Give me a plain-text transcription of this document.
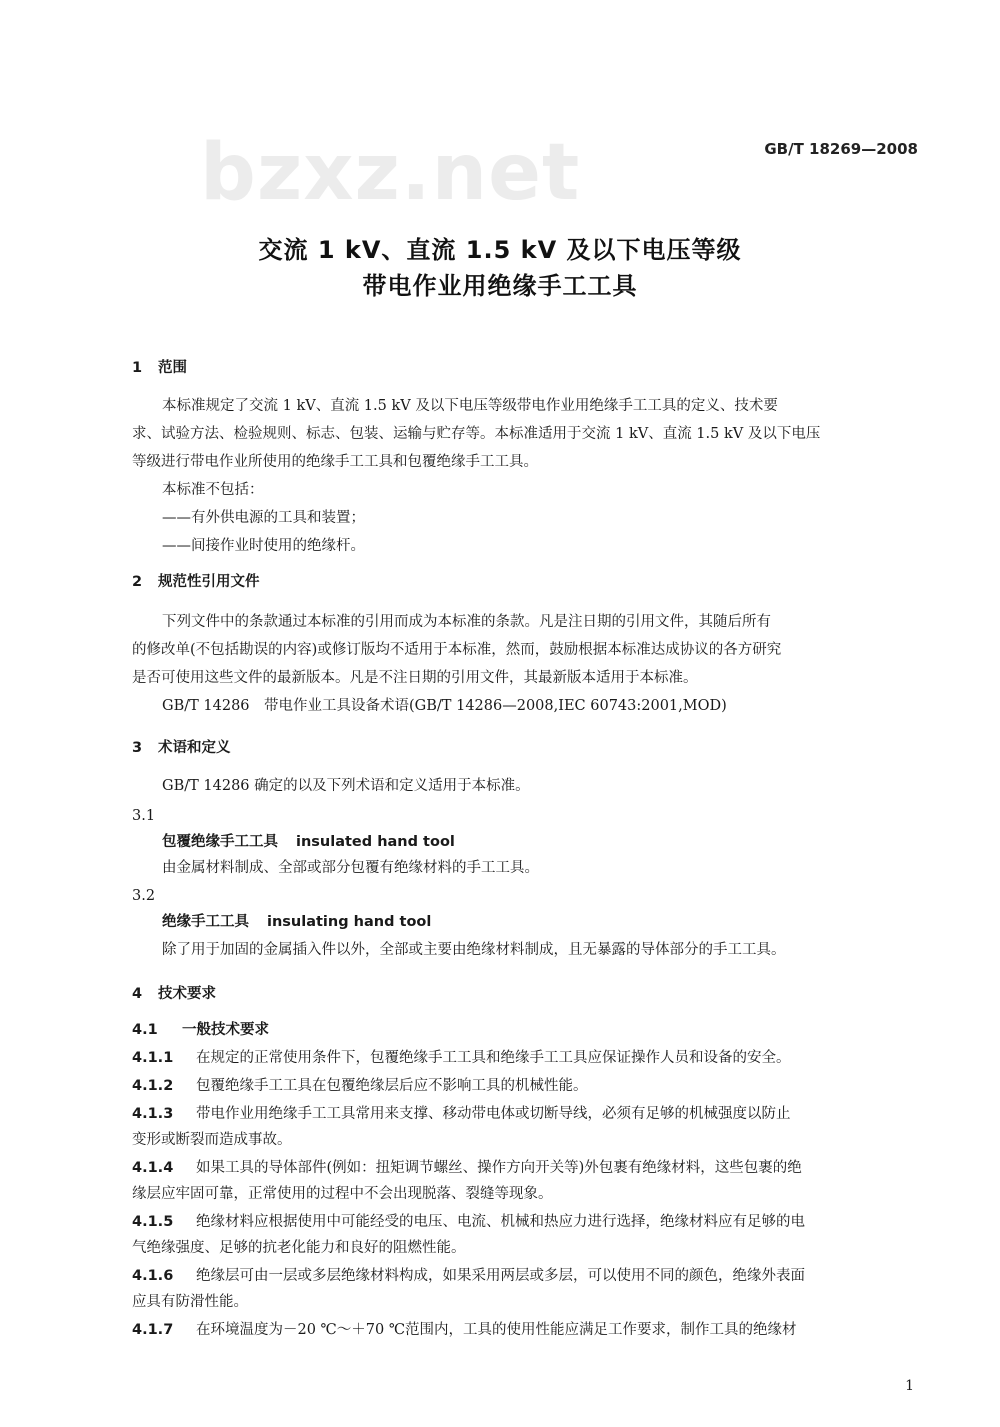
bzxz.net	GB/T 18269—2008
交流 1 kV、直流 1.5 kV 及以下电压等级
带电作业用绝缘手工工具
1 范围
本标准规定了交流 1 kV、直流 1.5 kV 及以下电压等级带电作业用绝缘手工工具的定义、技术要
求、试验方法、检验规则、标志、包装、运输与贮存等。本标准适用于交流 1 kV、直流 1.5 kV 及以下电压
等级进行带电作业所使用的绝缘手工工具和包覆绝缘手工工具。
本标准不包括：
——有外供电源的工具和装置；
——间接作业时使用的绝缘杆。
2 规范性引用文件
下列文件中的条款通过本标准的引用而成为本标准的条款。凡是注日期的引用文件，其随后所有
的修改单(不包括勘误的内容)或修订版均不适用于本标准，然而，鼓励根据本标准达成协议的各方研究
是否可使用这些文件的最新版本。凡是不注日期的引用文件，其最新版本适用于本标准。
GB/T 14286　带电作业工具设备术语(GB/T 14286—2008,IEC 60743:2001,MOD)
3 术语和定义
GB/T 14286 确定的以及下列术语和定义适用于本标准。
3.1
包覆绝缘手工工具 insulated hand tool
由金属材料制成、全部或部分包覆有绝缘材料的手工工具。
3.2
绝缘手工工具 insulating hand tool
除了用于加固的金属插入件以外，全部或主要由绝缘材料制成，且无暴露的导体部分的手工工具。
4 技术要求
4.1 一般技术要求
4.1.1 在规定的正常使用条件下，包覆绝缘手工工具和绝缘手工工具应保证操作人员和设备的安全。
4.1.2 包覆绝缘手工工具在包覆绝缘层后应不影响工具的机械性能。
4.1.3 带电作业用绝缘手工工具常用来支撑、移动带电体或切断导线，必须有足够的机械强度以防止
变形或断裂而造成事故。
4.1.4 如果工具的导体部件(例如：扭矩调节螺丝、操作方向开关等)外包裹有绝缘材料，这些包裹的绝
缘层应牢固可靠，正常使用的过程中不会出现脱落、裂缝等现象。
4.1.5 绝缘材料应根据使用中可能经受的电压、电流、机械和热应力进行选择，绝缘材料应有足够的电
气绝缘强度、足够的抗老化能力和良好的阻燃性能。
4.1.6 绝缘层可由一层或多层绝缘材料构成，如果采用两层或多层，可以使用不同的颜色，绝缘外表面
应具有防滑性能。
4.1.7 在环境温度为－20 ℃～＋70 ℃范围内，工具的使用性能应满足工作要求，制作工具的绝缘材
1
